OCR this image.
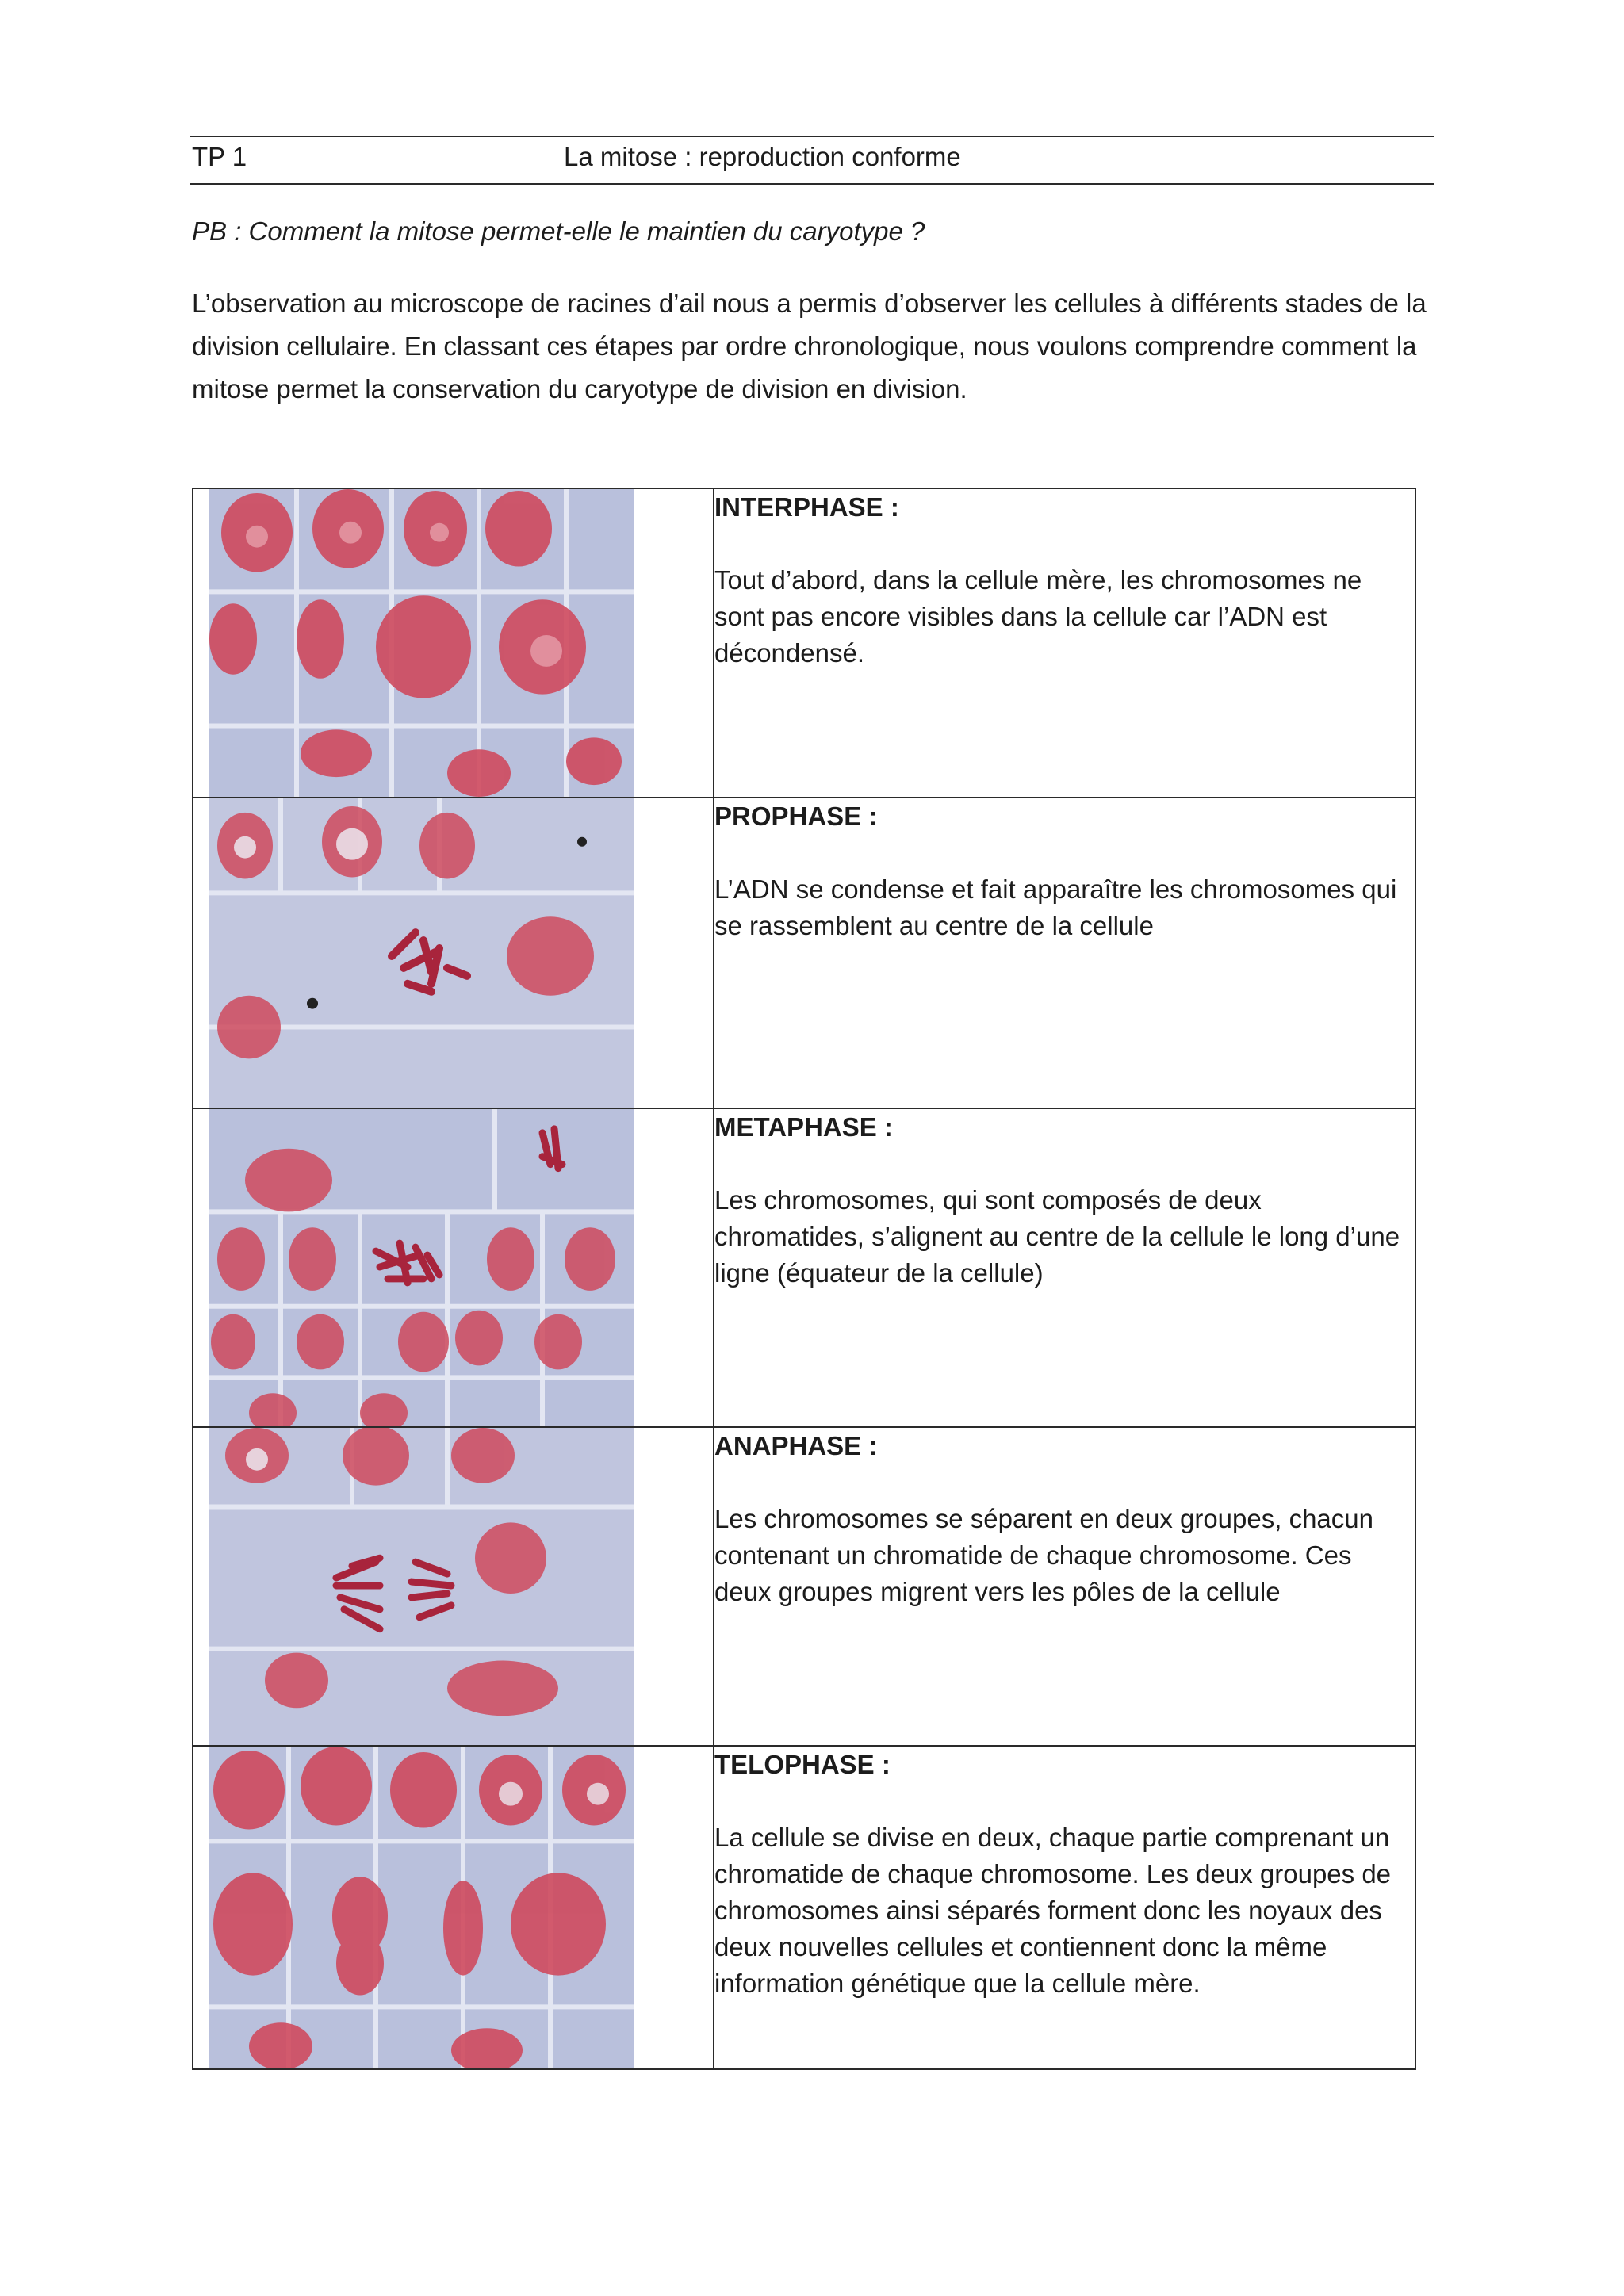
TP 1	La mitose : reproduction conforme
PB : Comment la mitose permet-elle le maintien du caryotype ?
L’observation au microscope de racines d’ail nous a permis d’observer les cellules à différents stades de la division cellulaire. En classant ces étapes par ordre chronologique, nous voulons comprendre comment la mitose permet la conservation du caryotype de division en division.

INTERPHASE :
Tout d’abord, dans la cellule mère, les chromosomes ne sont pas encore visibles dans la cellule car l’ADN est décondensé.

PROPHASE :
L’ADN se condense et fait apparaître les chromosomes qui se rassemblent au centre de la cellule

METAPHASE :
Les chromosomes, qui sont composés de deux chromatides, s’alignent au centre de la cellule le long d’une ligne (équateur de la cellule)

ANAPHASE :
Les chromosomes se séparent en deux groupes, chacun contenant un chromatide de chaque chromosome. Ces deux groupes migrent vers les pôles de la cellule

TELOPHASE :
La cellule se divise en deux, chaque partie comprenant un chromatide de chaque chromosome. Les deux groupes de chromosomes ainsi séparés forment donc les noyaux des deux nouvelles cellules et contiennent donc la même information génétique que la cellule mère.
